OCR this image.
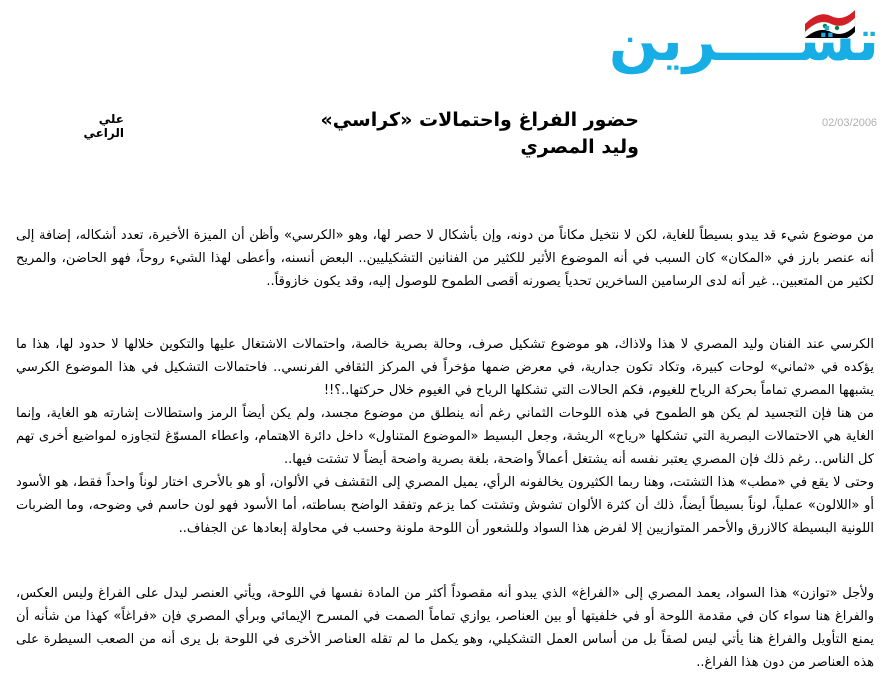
تشــــرين
02/03/2006
حضور الفراغ واحتمالات «كراسي» وليد المصري
علي الراعي

من موضوع شيء قد يبدو بسيطاً للغاية، لكن لا نتخيل مكاناً من دونه، وإن بأشكال لا حصر لها، وهو «الكرسي» وأظن أن الميزة الأخيرة، تعدد أشكاله، إضافة إلى أنه عنصر بارز في «المكان» كان السبب في أنه الموضوع الأثير للكثير من الفنانين التشكيليين.. البعض أنسنه، وأعطى لهذا الشيء روحاً، فهو الحاضن، والمريح لكثير من المتعبين.. غير أنه لدى الرسامين الساخرين تحدياً يصورنه أقصى الطموح للوصول إليه، وقد يكون خازوقاً..

الكرسي عند الفنان وليد المصري لا هذا ولاذاك، هو موضوع تشكيل صرف، وحالة بصرية خالصة، واحتمالات الاشتغال عليها والتكوين خلالها لا حدود لها، هذا ما يؤكده في «ثماني» لوحات كبيرة، وتكاد تكون جدارية، في معرض ضمها مؤخراً في المركز الثقافي الفرنسي.. فاحتمالات التشكيل في هذا الموضوع الكرسي يشبهها المصري تماماً بحركة الرياح للغيوم، فكم الحالات التي تشكلها الرياح في الغيوم خلال حركتها..؟!!

من هنا فإن التجسيد لم يكن هو الطموح في هذه اللوحات الثماني رغم أنه ينطلق من موضوع مجسد، ولم يكن أيضاً الرمز واستطالات إشارته هو الغاية، وإنما الغاية هي الاحتمالات البصرية التي تشكلها «رياح» الريشة، وجعل البسيط «الموضوع المتناول» داخل دائرة الاهتمام، واعطاء المسوّغ لتجاوزه لمواضيع أخرى تهم كل الناس.. رغم ذلك فإن المصري يعتبر نفسه أنه يشتغل أعمالاً واضحة، بلغة بصرية واضحة أيضاً لا تشتت فيها..

وحتى لا يقع في «مطب» هذا التشتت، وهنا ربما الكثيرون يخالفونه الرأي، يميل المصري إلى التقشف في الألوان، أو هو بالأحرى اختار لوناً واحداً فقط، هو الأسود أو «اللالون» عملياً، لوناً بسيطاً أيضاً، ذلك أن كثرة الألوان تشوش وتشتت كما يزعم وتفقد الواضح بساطته، أما الأسود فهو لون حاسم في وضوحه، وما الضربات اللونية البسيطة كالازرق والأحمر المتوازيين إلا لفرض هذا السواد وللشعور أن اللوحة ملونة وحسب في محاولة إبعادها عن الجفاف..

ولأجل «توازن» هذا السواد، يعمد المصري إلى «الفراغ» الذي يبدو أنه مقصوداً أكثر من المادة نفسها في اللوحة، ويأتي العنصر ليدل على الفراغ وليس العكس، والفراغ هنا سواء كان في مقدمة اللوحة أو في خلفيتها أو بين العناصر، يوازي تماماً الصمت في المسرح الإيمائي وبرأي المصري فإن «فراغاً» كهذا من شأنه أن يمنع التأويل والفراغ هنا يأتي ليس لصقاً بل من أساس العمل التشكيلي، وهو يكمل ما لم تقله العناصر الأخرى في اللوحة بل يرى أنه من الصعب السيطرة على هذه العناصر من دون هذا الفراغ..
